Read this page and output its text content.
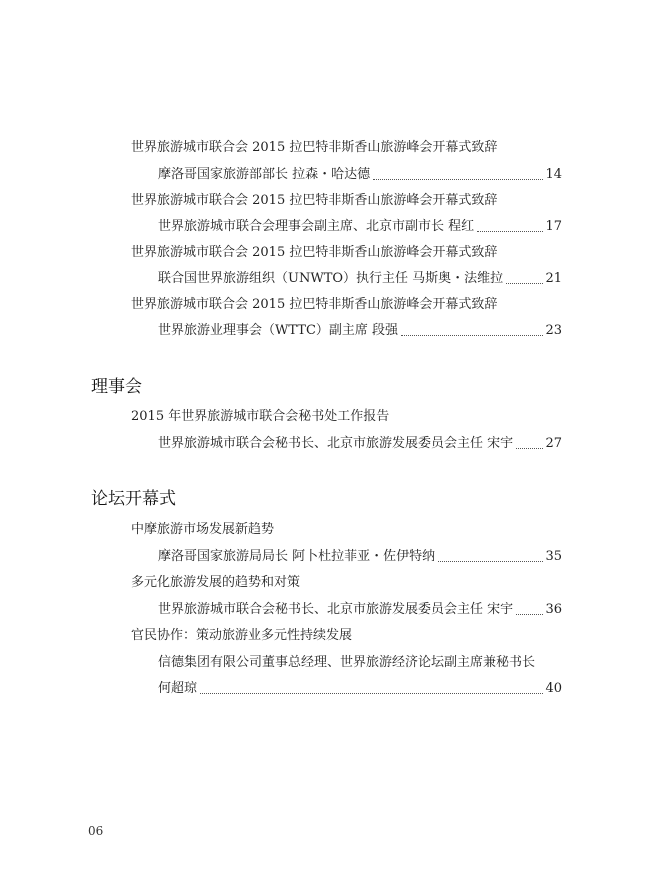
世界旅游城市联合会 2015 拉巴特非斯香山旅游峰会开幕式致辞
摩洛哥国家旅游部部长 拉森・哈达德	14
世界旅游城市联合会 2015 拉巴特非斯香山旅游峰会开幕式致辞
世界旅游城市联合会理事会副主席、北京市副市长 程红	17
世界旅游城市联合会 2015 拉巴特非斯香山旅游峰会开幕式致辞
联合国世界旅游组织（UNWTO）执行主任 马斯奥・法维拉	21
世界旅游城市联合会 2015 拉巴特非斯香山旅游峰会开幕式致辞
世界旅游业理事会（WTTC）副主席 段强	23
理事会
2015 年世界旅游城市联合会秘书处工作报告
世界旅游城市联合会秘书长、北京市旅游发展委员会主任 宋宇 27
论坛开幕式
中摩旅游市场发展新趋势
摩洛哥国家旅游局局长 阿卜杜拉菲亚・佐伊特纳	35
多元化旅游发展的趋势和对策
世界旅游城市联合会秘书长、北京市旅游发展委员会主任 宋宇 36
官民协作：策动旅游业多元性持续发展
信德集团有限公司董事总经理、世界旅游经济论坛副主席兼秘书长
何超琼	40
06
